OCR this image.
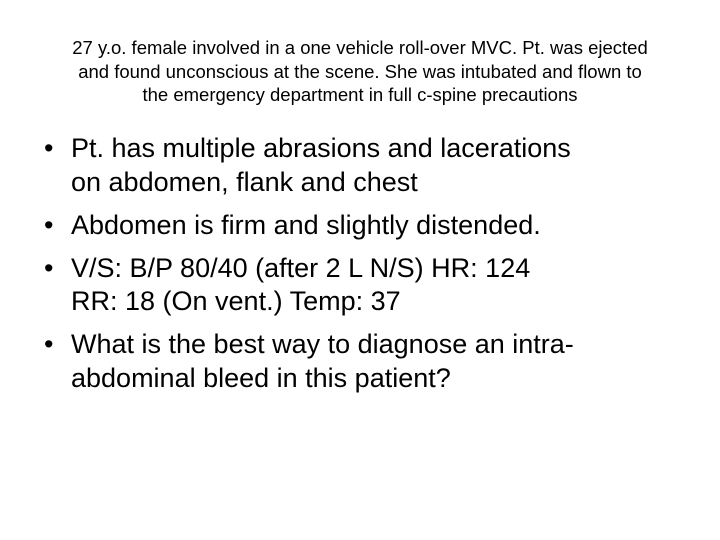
27 y.o. female involved in a one vehicle roll-over MVC. Pt. was ejected
and found unconscious at the scene. She was intubated and flown to
the emergency department in full c-spine precautions
• Pt. has multiple abrasions and lacerations
on abdomen, flank and chest
• Abdomen is firm and slightly distended.
• V/S: B/P 80/40 (after 2 L N/S) HR: 124
RR: 18 (On vent.) Temp: 37
• What is the best way to diagnose an intra-
abdominal bleed in this patient?
